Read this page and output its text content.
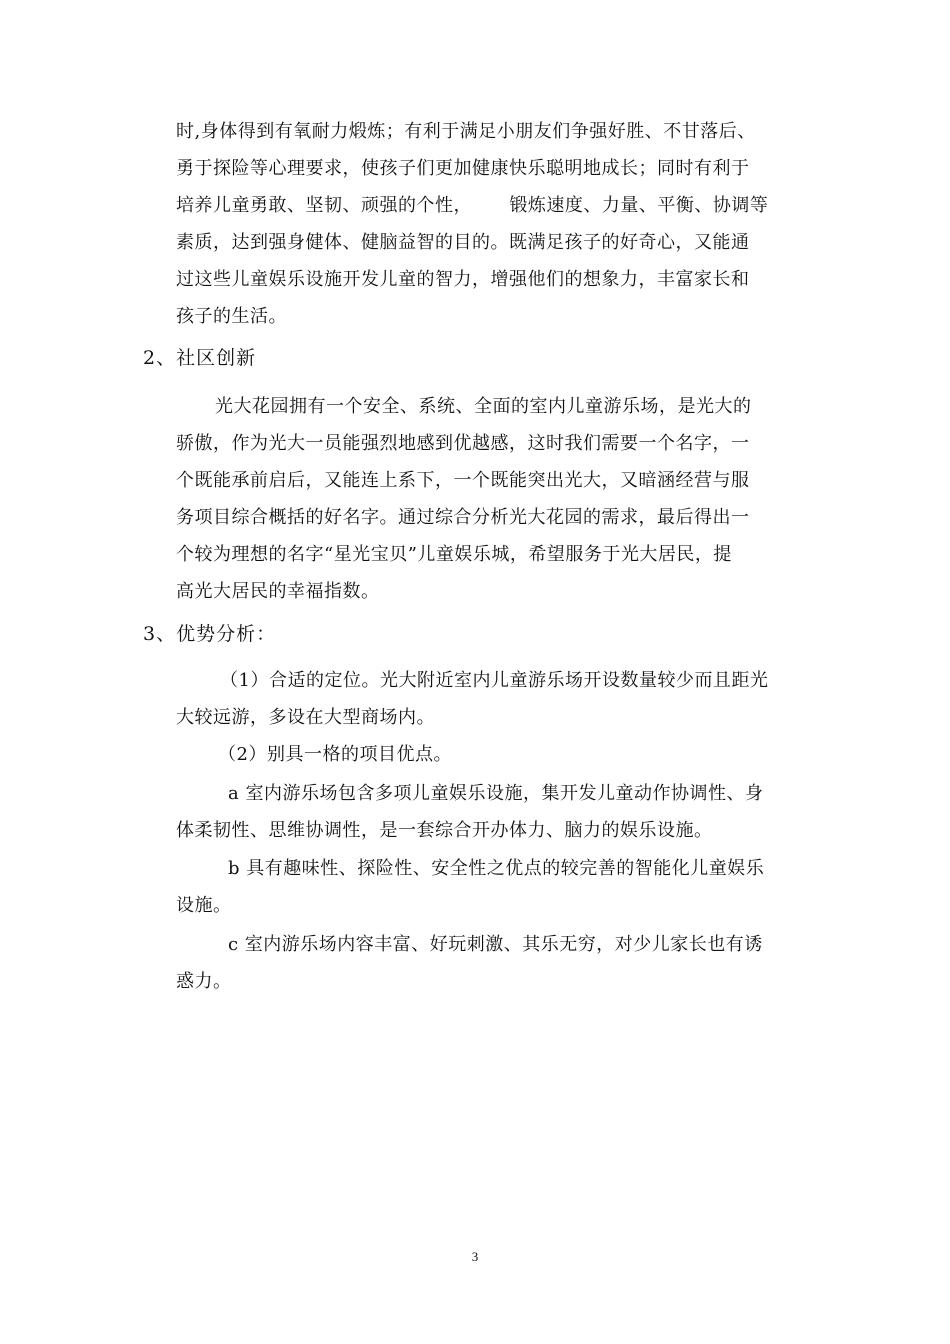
时,身体得到有氧耐力煅炼；有利于满足小朋友们争强好胜、不甘落后、
勇于探险等心理要求，使孩子们更加健康快乐聪明地成长；同时有利于
培养儿童勇敢、坚韧、顽强的个性，      锻炼速度、力量、平衡、协调等
素质，达到强身健体、健脑益智的目的。既满足孩子的好奇心，又能通
过这些儿童娱乐设施开发儿童的智力，增强他们的想象力，丰富家长和
孩子的生活。
2、社区创新
光大花园拥有一个安全、系统、全面的室内儿童游乐场，是光大的
骄傲，作为光大一员能强烈地感到优越感，这时我们需要一个名字，一
个既能承前启后，又能连上系下，一个既能突出光大，又暗涵经营与服
务项目综合概括的好名字。通过综合分析光大花园的需求，最后得出一
个较为理想的名字“星光宝贝”儿童娱乐城，希望服务于光大居民，提
高光大居民的幸福指数。
3、优势分析：
（1）合适的定位。光大附近室内儿童游乐场开设数量较少而且距光
大较远游，多设在大型商场内。
（2）别具一格的项目优点。
a 室内游乐场包含多项儿童娱乐设施，集开发儿童动作协调性、身
体柔韧性、思维协调性，是一套综合开办体力、脑力的娱乐设施。
b 具有趣味性、探险性、安全性之优点的较完善的智能化儿童娱乐
设施。
c 室内游乐场内容丰富、好玩刺激、其乐无穷，对少儿家长也有诱
惑力。
3
